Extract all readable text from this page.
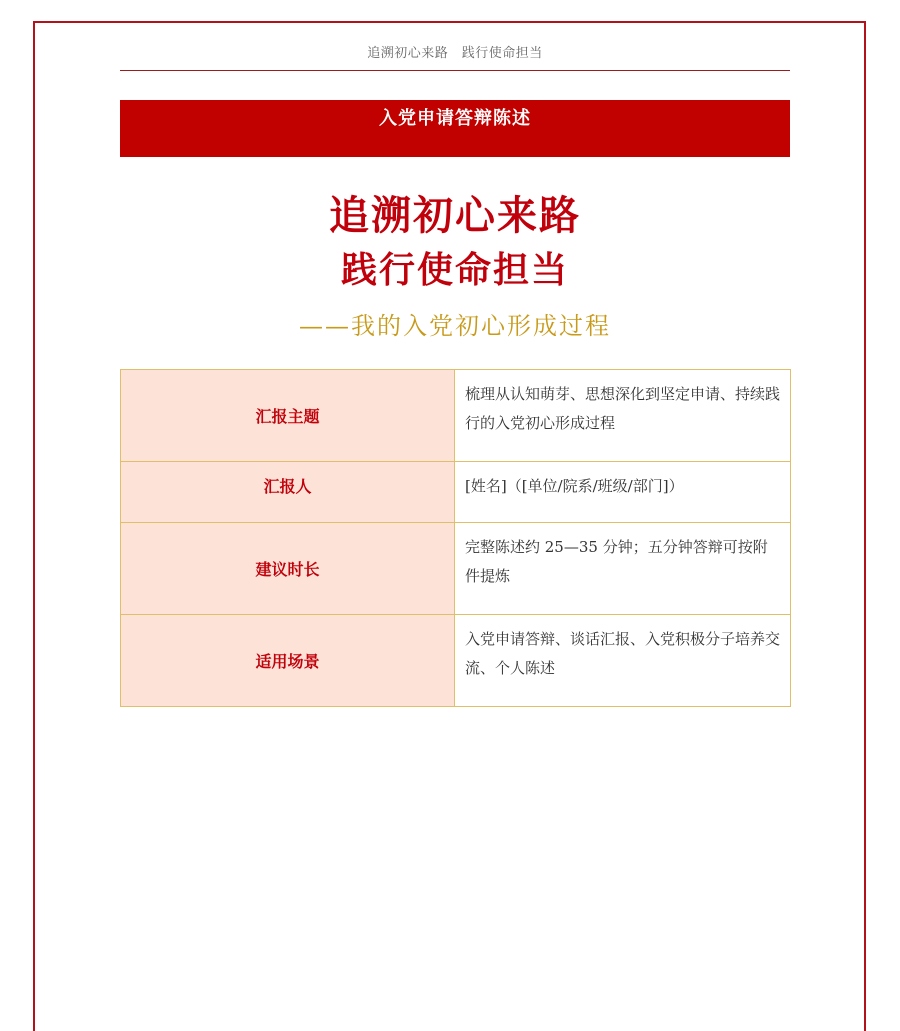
追溯初心来路　践行使命担当
入党申请答辩陈述
追溯初心来路
践行使命担当
——我的入党初心形成过程
汇报主题	梳理从认知萌芽、思想深化到坚定申请、持续践行的入党初心形成过程
汇报人	[姓名]（[单位/院系/班级/部门]）
建议时长	完整陈述约 25—35 分钟；五分钟答辩可按附件提炼
适用场景	入党申请答辩、谈话汇报、入党积极分子培养交流、个人陈述
